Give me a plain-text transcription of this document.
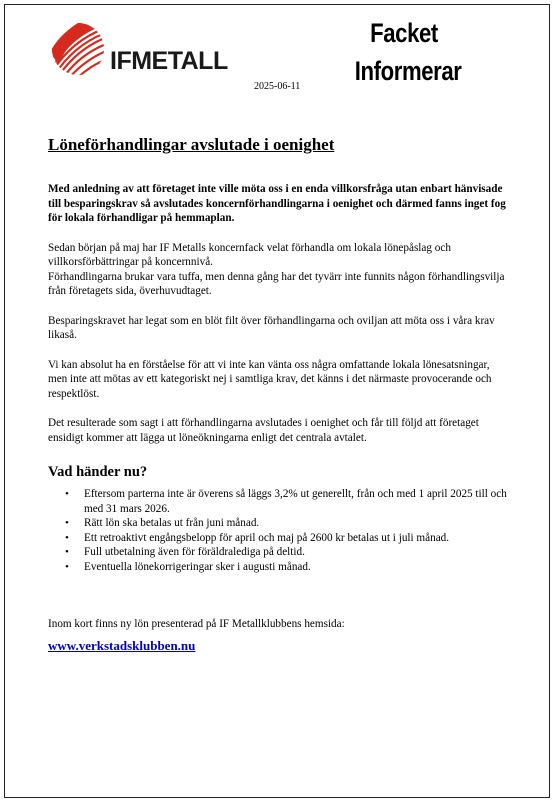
IFMETALL
Facket
Informerar
2025-06-11
Löneförhandlingar avslutade i oenighet

Med anledning av att företaget inte ville möta oss i en enda villkorsfråga utan enbart hänvisade till besparingskrav så avslutades koncernförhandlingarna i oenighet och därmed fanns inget fog för lokala förhandligar på hemmaplan.

Sedan början på maj har IF Metalls koncernfack velat förhandla om lokala lönepåslag och villkorsförbättringar på koncernnivå.
Förhandlingarna brukar vara tuffa, men denna gång har det tyvärr inte funnits någon förhandlingsvilja från företagets sida, överhuvudtaget.

Besparingskravet har legat som en blöt filt över förhandlingarna och oviljan att möta oss i våra krav likaså.

Vi kan absolut ha en förståelse för att vi inte kan vänta oss några omfattande lokala lönesatsningar, men inte att mötas av ett kategoriskt nej i samtliga krav, det känns i det närmaste provocerande och respektlöst.

Det resulterade som sagt i att förhandlingarna avslutades i oenighet och får till följd att företaget ensidigt kommer att lägga ut löneökningarna enligt det centrala avtalet.

Vad händer nu?
• Eftersom parterna inte är överens så läggs 3,2% ut generellt, från och med 1 april 2025 till och med 31 mars 2026.
• Rätt lön ska betalas ut från juni månad.
• Ett retroaktivt engångsbelopp för april och maj på 2600 kr betalas ut i juli månad.
• Full utbetalning även för föräldralediga på deltid.
• Eventuella lönekorrigeringar sker i augusti månad.
Inom kort finns ny lön presenterad på IF Metallklubbens hemsida:
www.verkstadsklubben.nu
